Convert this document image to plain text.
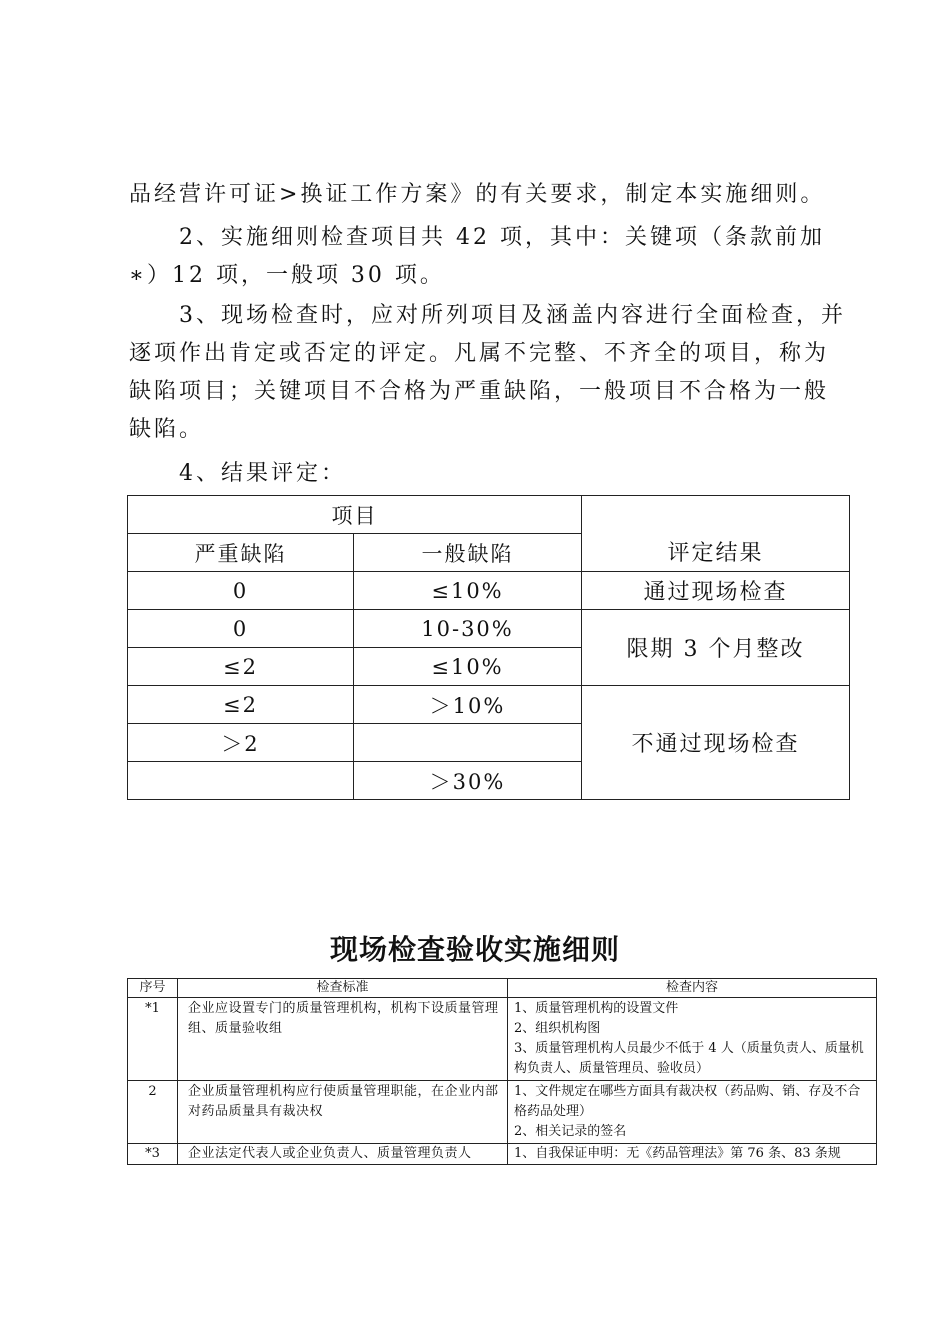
品经营许可证>换证工作方案》的有关要求，制定本实施细则。

2、实施细则检查项目共 42 项，其中：关键项（条款前加∗）12 项，一般项 30 项。

3、现场检查时，应对所列项目及涵盖内容进行全面检查，并逐项作出肯定或否定的评定。凡属不完整、不齐全的项目，称为缺陷项目；关键项目不合格为严重缺陷，一般项目不合格为一般缺陷。

4、结果评定：

项目		评定结果
严重缺陷	一般缺陷	
0	≤10%	通过现场检查
0	10-30%	限期 3 个月整改
≤2	≤10%	
≤2	＞10%	不通过现场检查
＞2		
	＞30%	
现场检查验收实施细则
序号	检查标准	检查内容
*1	企业应设置专门的质量管理机构，机构下设质量管理组、质量验收组	1、质量管理机构的设置文件
2、组织机构图
3、质量管理机构人员最少不低于 4 人（质量负责人、质量机构负责人、质量管理员、验收员）

2	企业质量管理机构应行使质量管理职能，在企业内部对药品质量具有裁决权	1、文件规定在哪些方面具有裁决权（药品购、销、存及不合格药品处理）
2、相关记录的签名

*3	企业法定代表人或企业负责人、质量管理负责人	1、自我保证申明：无《药品管理法》第 76 条、83 条规
